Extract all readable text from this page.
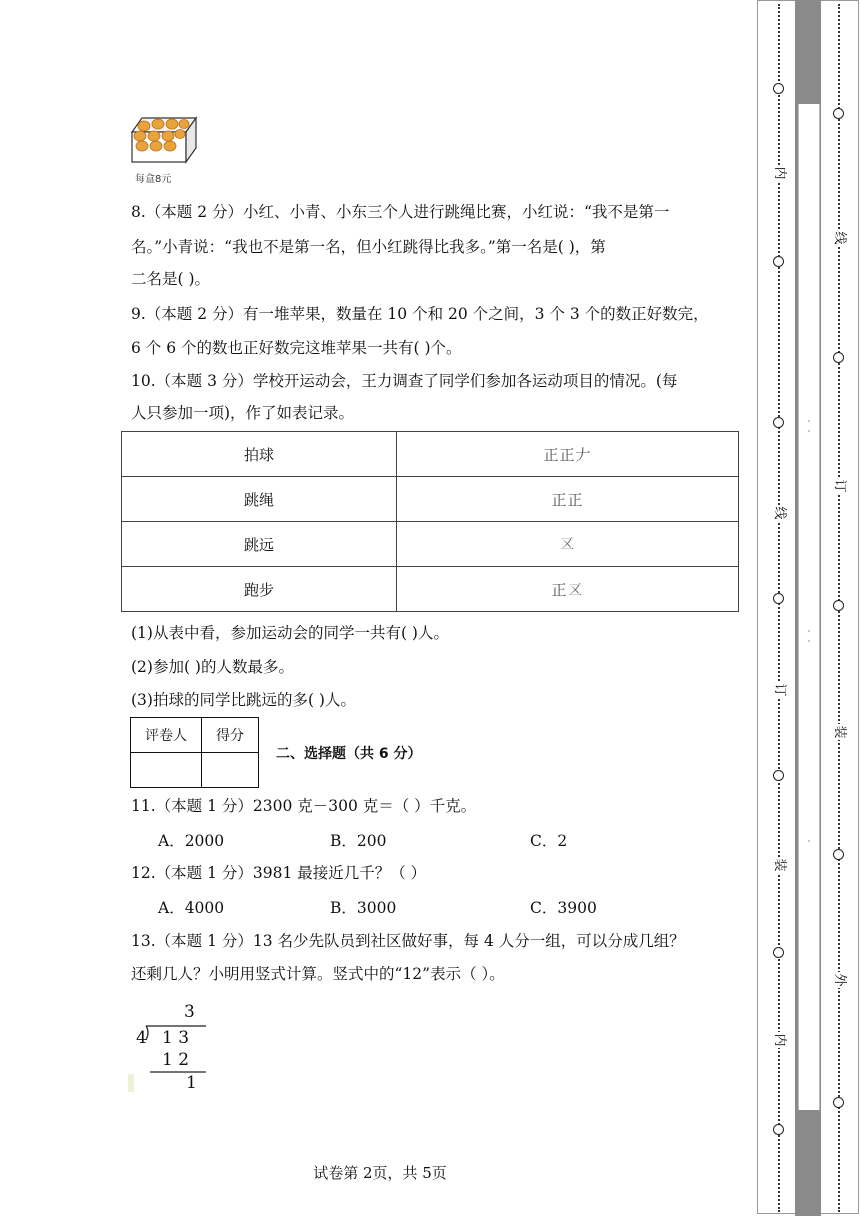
每盒8元
8.（本题 2 分）小红、小青、小东三个人进行跳绳比赛，小红说：“我不是第一
名。”小青说：“我也不是第一名，但小红跳得比我多。”第一名是( )，第
二名是( )。
9.（本题 2 分）有一堆苹果，数量在 10 个和 20 个之间，3 个 3 个的数正好数完，
6 个 6 个的数也正好数完这堆苹果一共有( )个。
10.（本题 3 分）学校开运动会，王力调查了同学们参加各运动项目的情况。(每
人只参加一项)，作了如表记录。
拍球	正正𠂇
跳绳	正正
跳远	𠄡
跑步	正𠄡
(1)从表中看，参加运动会的同学一共有( )人。
(2)参加( )的人数最多。
(3)拍球的同学比跳远的多( )人。
评卷人	得分

二、选择题（共 6 分）
11.（本题 1 分）2300 克－300 克＝（ ）千克。
A．2000	B．200	C．2
12.（本题 1 分）3981 最接近几千？（ ）
A．4000	B．3000	C．3900
13.（本题 1 分）13 名少先队员到社区做好事，每 4 人分一组，可以分成几组？
还剩几人？小明用竖式计算。竖式中的“12”表示（ ）。
3
4 1 3
1 2
1
试卷第 2页，共 5页
内
线
订
装
内
线
订
装
外
